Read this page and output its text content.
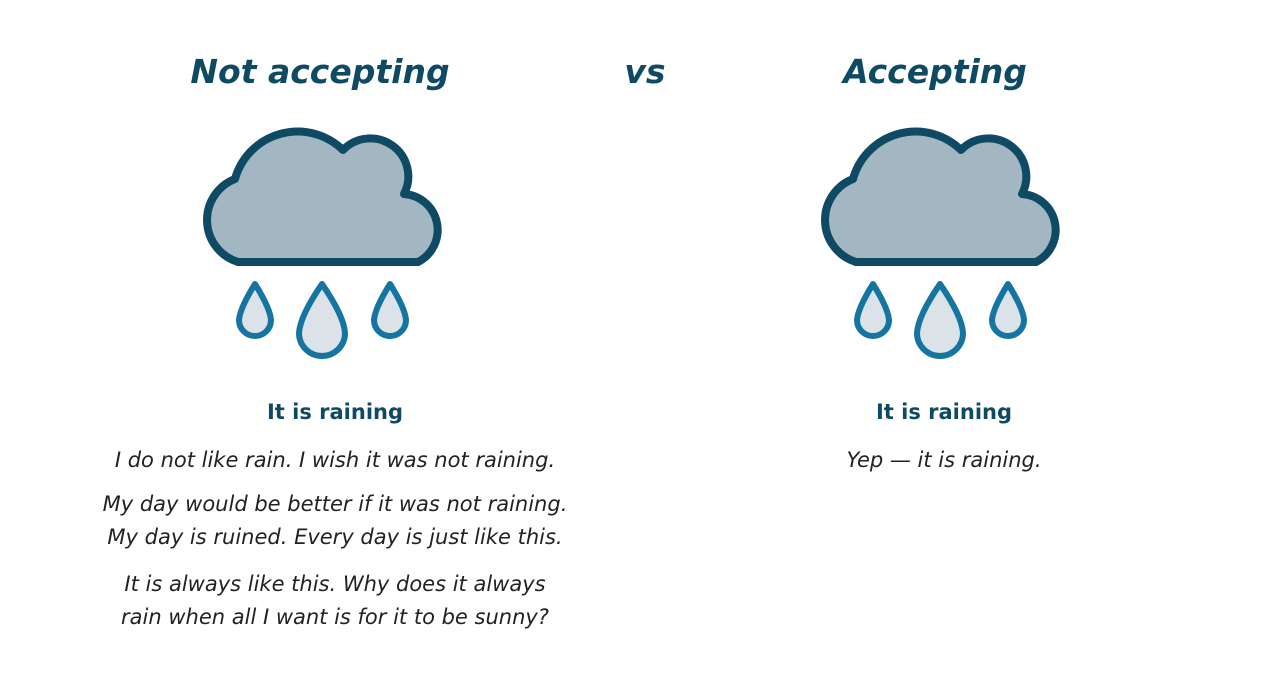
Not accepting	vs	Accepting
It is raining	It is raining
I do not like rain. I wish it was not raining.
My day would be better if it was not raining.
My day is ruined. Every day is just like this.
It is always like this. Why does it always
rain when all I want is for it to be sunny?
Yep — it is raining.
